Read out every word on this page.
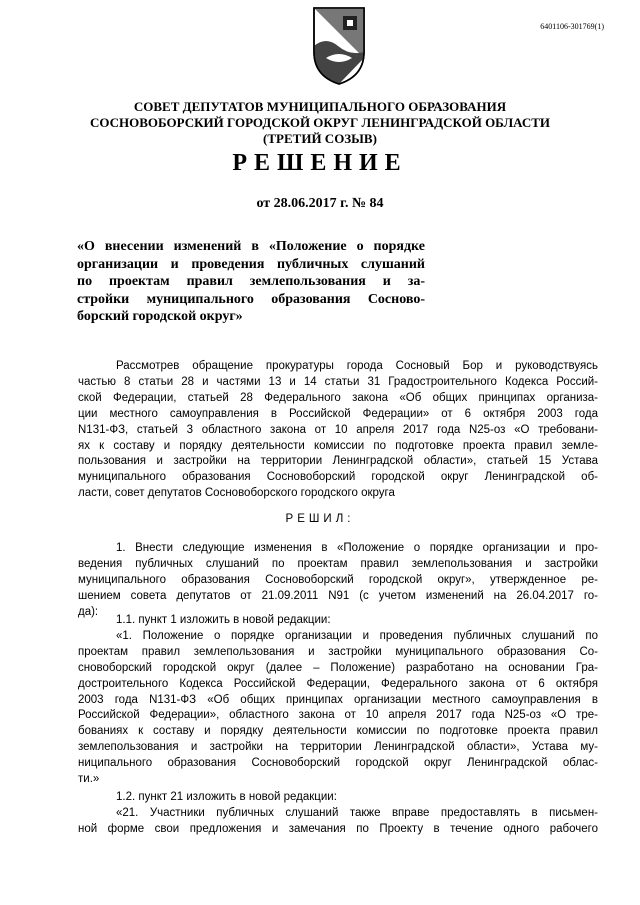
6401106-301769(1)
СОВЕТ ДЕПУТАТОВ МУНИЦИПАЛЬНОГО ОБРАЗОВАНИЯ
СОСНОВОБОРСКИЙ ГОРОДСКОЙ ОКРУГ ЛЕНИНГРАДСКОЙ ОБЛАСТИ
(ТРЕТИЙ СОЗЫВ)
РЕШЕНИЕ
от 28.06.2017 г. № 84
«О внесении изменений в «Положение о порядке
организации и проведения публичных слушаний
по проектам правил землепользования и за-
стройки муниципального образования Сосново-
борский городской округ»
Рассмотрев обращение прокуратуры города Сосновый Бор и руководствуясь
частью 8 статьи 28 и частями 13 и 14 статьи 31 Градостроительного Кодекса Россий-
ской Федерации, статьей 28 Федерального закона «Об общих принципах организа-
ции местного самоуправления в Российской Федерации» от 6 октября 2003 года
N131-ФЗ, статьей 3 областного закона от 10 апреля 2017 года N25-оз «О требовани-
ях к составу и порядку деятельности комиссии по подготовке проекта правил земле-
пользования и застройки на территории Ленинградской области», статьей 15 Устава
муниципального образования Сосновоборский городской округ Ленинградской об-
ласти, совет депутатов Сосновоборского городского округа
РЕШИЛ:
1. Внести следующие изменения в «Положение о порядке организации и про-
ведения публичных слушаний по проектам правил землепользования и застройки
муниципального образования Сосновоборский городской округ», утвержденное ре-
шением совета депутатов от 21.09.2011 N91 (с учетом изменений на 26.04.2017 го-
да):
1.1. пункт 1 изложить в новой редакции:
«1. Положение о порядке организации и проведения публичных слушаний по
проектам правил землепользования и застройки муниципального образования Со-
сновоборский городской округ (далее – Положение) разработано на основании Гра-
достроительного Кодекса Российской Федерации, Федерального закона от 6 октября
2003 года N131-ФЗ «Об общих принципах организации местного самоуправления в
Российской Федерации», областного закона от 10 апреля 2017 года N25-оз «О тре-
бованиях к составу и порядку деятельности комиссии по подготовке проекта правил
землепользования и застройки на территории Ленинградской области», Устава му-
ниципального образования Сосновоборский городской округ Ленинградской облас-
ти.»
1.2. пункт 21 изложить в новой редакции:
«21. Участники публичных слушаний также вправе предоставлять в письмен-
ной форме свои предложения и замечания по Проекту в течение одного рабочего
